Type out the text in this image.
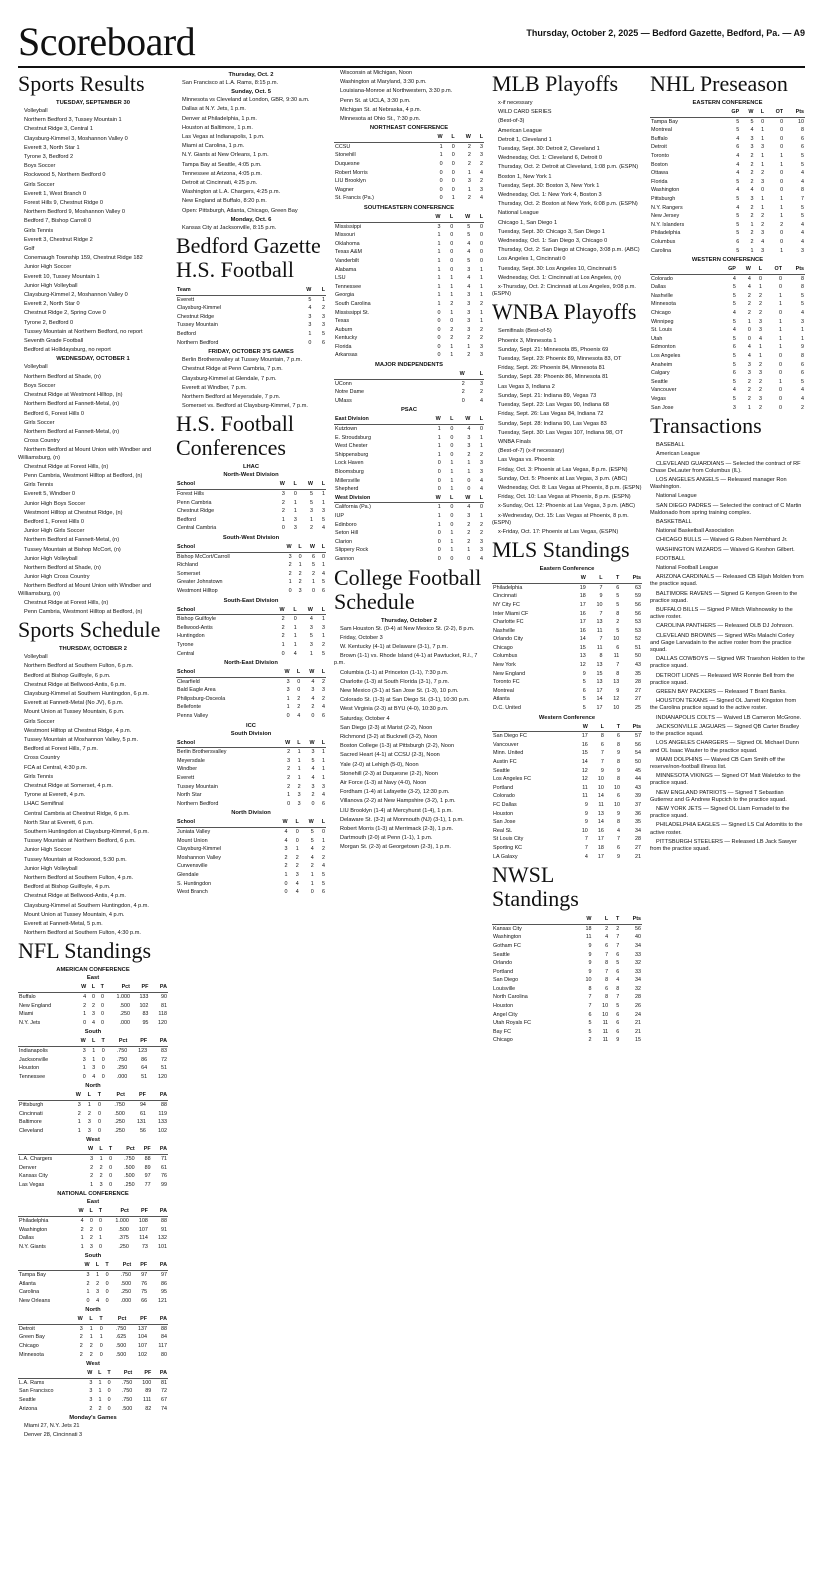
Scoreboard	Thursday, October 2, 2025 — Bedford Gazette, Bedford, Pa. — A9
Sports Results
TUESDAY, SEPTEMBER 30

Volleyball

Northern Bedford 3, Tussey Mountain 1

Chestnut Ridge 3, Central 1

Claysburg-Kimmel 3, Moshannon Valley 0

Everett 3, North Star 1

Tyrone 3, Bedford 2

Boys Soccer

Rockwood 5, Northern Bedford 0

Girls Soccer

Everett 1, West Branch 0

Forest Hills 9, Chestnut Ridge 0

Northern Bedford 9, Moshannon Valley 0

Bedford 7, Bishop Carroll 0

Girls Tennis

Everett 3, Chestnut Ridge 2

Golf

Conemaugh Township 159, Chestnut Ridge 182

Junior High Soccer

Everett 10, Tussey Mountain 1

Junior High Volleyball

Claysburg-Kimmel 2, Moshannon Valley 0

Everett 2, North Star 0

Chestnut Ridge 2, Spring Cove 0

Tyrone 2, Bedford 0

Tussey Mountain at Northern Bedford, no report

Seventh Grade Football

Bedford at Hollidaysburg, no report

WEDNESDAY, OCTOBER 1

Volleyball

Northern Bedford at Shade, (n)

Boys Soccer

Chestnut Ridge at Westmont Hilltop, (n)

Northern Bedford at Fannett-Metal, (n)

Bedford 6, Forest Hills 0

Girls Soccer

Northern Bedford at Fannett-Metal, (n)

Cross Country

Northern Bedford at Mount Union with Windber and Williamsburg, (n)

Chestnut Ridge at Forest Hills, (n)

Penn Cambria, Westmont Hilltop at Bedford, (n)

Girls Tennis

Everett 5, Windber 0

Junior High Boys Soccer

Westmont Hilltop at Chestnut Ridge, (n)

Bedford 1, Forest Hills 0

Junior High Girls Soccer

Northern Bedford at Fannett-Metal, (n)

Tussey Mountain at Bishop McCort, (n)

Junior High Volleyball

Northern Bedford at Shade, (n)

Junior High Cross Country

Northern Bedford at Mount Union with Windber and Williamsburg, (n)

Chestnut Ridge at Forest Hills, (n)

Penn Cambria, Westmont Hilltop at Bedford, (n)

Sports Schedule
THURSDAY, OCTOBER 2

Volleyball

Northern Bedford at Southern Fulton, 6 p.m.

Bedford at Bishop Guilfoyle, 6 p.m.

Chestnut Ridge at Bellwood-Antis, 6 p.m.

Claysburg-Kimmel at Southern Huntingdon, 6 p.m.

Everett at Fannett-Metal (No JV), 6 p.m.

Mount Union at Tussey Mountain, 6 p.m.

Girls Soccer

Westmont Hilltop at Chestnut Ridge, 4 p.m.

Tussey Mountain at Moshannon Valley, 5 p.m.

Bedford at Forest Hills, 7 p.m.

Cross Country

FCA at Central, 4:30 p.m.

Girls Tennis

Chestnut Ridge at Somerset, 4 p.m.

Tyrone at Everett, 4 p.m.

LHAC Semifinal

Central Cambria at Chestnut Ridge, 6 p.m.

North Star at Everett, 6 p.m.

Southern Huntingdon at Claysburg-Kimmel, 6 p.m.

Tussey Mountain at Northern Bedford, 6 p.m.

Junior High Soccer

Tussey Mountain at Rockwood, 5:30 p.m.

Junior High Volleyball

Northern Bedford at Southern Fulton, 4 p.m.

Bedford at Bishop Guilfoyle, 4 p.m.

Chestnut Ridge at Bellwood-Antis, 4 p.m.

Claysburg-Kimmel at Southern Huntingdon, 4 p.m.

Mount Union at Tussey Mountain, 4 p.m.

Everett at Fannett-Metal, 5 p.m.

Northern Bedford at Southern Fulton, 4:30 p.m.

NFL Standings
AMERICAN CONFERENCE
East
	W	L	T	Pct	PF	PA
Buffalo	4	0	0	1.000	133	90
New England	2	2	0	.500	102	81
Miami	1	3	0	.250	83	118
N.Y. Jets	0	4	0	.000	95	120
South
	W	L	T	Pct	PF	PA
Indianapolis	3	1	0	.750	123	83
Jacksonville	3	1	0	.750	86	72
Houston	1	3	0	.250	64	51
Tennessee	0	4	0	.000	51	120
North
	W	L	T	Pct	PF	PA
Pittsburgh	3	1	0	.750	94	88
Cincinnati	2	2	0	.500	61	119
Baltimore	1	3	0	.250	131	133
Cleveland	1	3	0	.250	56	102
West
	W	L	T	Pct	PF	PA
L.A. Chargers	3	1	0	.750	88	71
Denver	2	2	0	.500	89	61
Kansas City	2	2	0	.500	97	76
Las Vegas	1	3	0	.250	77	99
NATIONAL CONFERENCE
East
	W	L	T	Pct	PF	PA
Philadelphia	4	0	0	1.000	108	88
Washington	2	2	0	.500	107	91
Dallas	1	2	1	.375	114	132
N.Y. Giants	1	3	0	.250	73	101
South
	W	L	T	Pct	PF	PA
Tampa Bay	3	1	0	.750	97	97
Atlanta	2	2	0	.500	76	86
Carolina	1	3	0	.250	75	95
New Orleans	0	4	0	.000	66	121
North
	W	L	T	Pct	PF	PA
Detroit	3	1	0	.750	137	88
Green Bay	2	1	1	.625	104	84
Chicago	2	2	0	.500	107	117
Minnesota	2	2	0	.500	102	80
West
	W	L	T	Pct	PF	PA
L.A. Rams	3	1	0	.750	100	81
San Francisco	3	1	0	.750	89	72
Seattle	3	1	0	.750	111	67
Arizona	2	2	0	.500	82	74
Monday's Games

Miami 27, N.Y. Jets 21

Denver 28, Cincinnati 3

Thursday, Oct. 2

San Francisco at L.A. Rams, 8:15 p.m.

Sunday, Oct. 5

Minnesota vs Cleveland at London, GBR, 9:30 a.m.

Dallas at N.Y. Jets, 1 p.m.

Denver at Philadelphia, 1 p.m.

Houston at Baltimore, 1 p.m.

Las Vegas at Indianapolis, 1 p.m.

Miami at Carolina, 1 p.m.

N.Y. Giants at New Orleans, 1 p.m.

Tampa Bay at Seattle, 4:05 p.m.

Tennessee at Arizona, 4:05 p.m.

Detroit at Cincinnati, 4:25 p.m.

Washington at L.A. Chargers, 4:25 p.m.

New England at Buffalo, 8:20 p.m.

Open: Pittsburgh, Atlanta, Chicago, Green Bay

Monday, Oct. 6

Kansas City at Jacksonville, 8:15 p.m.

Bedford Gazette H.S. Football
Team	W	L
Everett	5	1
Claysburg-Kimmel	4	2
Chestnut Ridge	3	3
Tussey Mountain	3	3
Bedford	1	5
Northern Bedford	0	6
FRIDAY, OCTOBER 3'S GAMES

Berlin Brothersvalley at Tussey Mountain, 7 p.m.

Chestnut Ridge at Penn Cambria, 7 p.m.

Claysburg-Kimmel at Glendale, 7 p.m.

Everett at Windber, 7 p.m.

Northern Bedford at Meyersdale, 7 p.m.

Somerset vs. Bedford at Claysburg-Kimmel, 7 p.m.

H.S. Football Conferences
LHAC
North-West Division
School	W	L	W	L
Forest Hills	3	0	5	1
Penn Cambria	2	1	5	1
Chestnut Ridge	2	1	3	3
Bedford	1	3	1	5
Central Cambria	0	3	2	4
South-West Division
School	W	L	W	L
Bishop McCort/Carroll	3	0	6	0
Richland	2	1	5	1
Somerset	2	2	2	4
Greater Johnstown	1	2	1	5
Westmont Hilltop	0	3	0	6
South-East Division
School	W	L	W	L
Bishop Guilfoyle	2	0	4	1
Bellwood-Antis	2	1	3	3
Huntingdon	2	1	5	1
Tyrone	1	1	3	2
Central	0	4	1	5
North-East Division
School	W	L	W	L
Clearfield	3	0	4	2
Bald Eagle Area	3	0	3	3
Philipsburg-Osceola	1	2	4	2
Bellefonte	1	2	2	4
Penns Valley	0	4	0	6
ICC
South Division
School	W	L	W	L
Berlin Brothersvalley	2	1	3	1
Meyersdale	3	1	5	1
Windber	2	1	4	1
Everett	2	1	4	1
Tussey Mountain	2	2	3	3
North Star	1	3	2	4
Northern Bedford	0	3	0	6
North Division
School	W	L	W	L
Juniata Valley	4	0	5	0
Mount Union	4	0	5	1
Claysburg-Kimmel	3	1	4	2
Moshannon Valley	2	2	4	2
Curwensville	2	2	2	4
Glendale	1	3	1	5
S. Huntingdon	0	4	1	5
West Branch	0	4	0	6

Wisconsin at Michigan, Noon

Washington at Maryland, 3:30 p.m.

Louisiana-Monroe at Northwestern, 3:30 p.m.

Penn St. at UCLA, 3:30 p.m.

Michigan St. at Nebraska, 4 p.m.

Minnesota at Ohio St., 7:30 p.m.

NORTHEAST CONFERENCE
	W	L	W	L
CCSU	1	0	2	3
Stonehill	1	0	2	3
Duquesne	0	0	2	2
Robert Morris	0	0	1	4
LIU Brooklyn	0	0	3	2
Wagner	0	0	1	3
St. Francis (Pa.)	0	1	2	4
SOUTHEASTERN CONFERENCE
	W	L	W	L
Mississippi	3	0	5	0
Missouri	1	0	5	0
Oklahoma	1	0	4	0
Texas A&M	1	0	4	0
Vanderbilt	1	0	5	0
Alabama	1	0	3	1
LSU	1	1	4	1
Tennessee	1	1	4	1
Georgia	1	1	3	1
South Carolina	1	2	3	2
Mississippi St.	0	1	3	1
Texas	0	0	3	1
Auburn	0	2	3	2
Kentucky	0	2	2	2
Florida	0	1	1	3
Arkansas	0	1	2	3
MAJOR INDEPENDENTS
	W	L
UConn	2	3
Notre Dame	2	2
UMass	0	4
PSAC
East Division	W	L	W	L
Kutztown	1	0	4	0
E. Stroudsburg	1	0	3	1
West Chester	1	0	3	1
Shippensburg	1	0	2	2
Lock Haven	0	1	1	3
Bloomsburg	0	1	1	3
Millersville	0	1	0	4
Shepherd	0	1	0	4
West Division	W	L	W	L
California (Pa.)	1	0	4	0
IUP	1	0	3	1
Edinboro	1	0	2	2
Seton Hill	0	1	2	2
Clarion	0	1	2	3
Slippery Rock	0	1	1	3
Gannon	0	0	0	4
College Football Schedule
Thursday, October 2

Sam Houston St. (0-4) at New Mexico St. (2-2), 8 p.m.

Friday, October 3

W. Kentucky (4-1) at Delaware (3-1), 7 p.m.

Brown (1-1) vs. Rhode Island (4-1) at Pawtucket, R.I., 7 p.m.

Columbia (1-1) at Princeton (1-1), 7:30 p.m.

Charlotte (1-3) at South Florida (3-1), 7 p.m.

New Mexico (3-1) at San Jose St. (1-3), 10 p.m.

Colorado St. (1-3) at San Diego St. (3-1), 10:30 p.m.

West Virginia (2-3) at BYU (4-0), 10:30 p.m.

Saturday, October 4

San Diego (2-3) at Marist (2-2), Noon

Richmond (3-2) at Bucknell (3-2), Noon

Boston College (1-3) at Pittsburgh (2-2), Noon

Sacred Heart (4-1) at CCSU (2-3), Noon

Yale (2-0) at Lehigh (5-0), Noon

Stonehill (2-3) at Duquesne (2-2), Noon

Air Force (1-3) at Navy (4-0), Noon

Fordham (1-4) at Lafayette (3-2), 12:30 p.m.

Villanova (2-2) at New Hampshire (3-2), 1 p.m.

LIU Brooklyn (1-4) at Mercyhurst (1-4), 1 p.m.

Delaware St. (3-2) at Monmouth (NJ) (3-1), 1 p.m.

Robert Morris (1-3) at Merrimack (2-3), 1 p.m.

Dartmouth (2-0) at Penn (1-1), 1 p.m.

Morgan St. (2-3) at Georgetown (2-3), 1 p.m.

MLB Playoffs

x-if necessary

WILD CARD SERIES

(Best-of-3)

American League

Detroit 1, Cleveland 1

Tuesday, Sept. 30: Detroit 2, Cleveland 1

Wednesday, Oct. 1: Cleveland 6, Detroit 0

Thursday, Oct. 2: Detroit at Cleveland, 1:08 p.m. (ESPN)

Boston 1, New York 1

Tuesday, Sept. 30: Boston 3, New York 1

Wednesday, Oct. 1: New York 4, Boston 3

Thursday, Oct. 2: Boston at New York, 6:08 p.m. (ESPN)

National League

Chicago 1, San Diego 1

Tuesday, Sept. 30: Chicago 3, San Diego 1

Wednesday, Oct. 1: San Diego 3, Chicago 0

Thursday, Oct. 2: San Diego at Chicago, 3:08 p.m. (ABC)

Los Angeles 1, Cincinnati 0

Tuesday, Sept. 30: Los Angeles 10, Cincinnati 5

Wednesday, Oct. 1: Cincinnati at Los Angeles, (n)

x-Thursday, Oct. 2: Cincinnati at Los Angeles, 9:08 p.m. (ESPN)

WNBA Playoffs

Semifinals (Best-of-5)

Phoenix 3, Minnesota 1

Sunday, Sept. 21: Minnesota 85, Phoenix 69

Tuesday, Sept. 23: Phoenix 89, Minnesota 83, OT

Friday, Sept. 26: Phoenix 84, Minnesota 81

Sunday, Sept. 28: Phoenix 86, Minnesota 81

Las Vegas 3, Indiana 2

Sunday, Sept. 21: Indiana 89, Vegas 73

Tuesday, Sept. 23: Las Vegas 90, Indiana 68

Friday, Sept. 26: Las Vegas 84, Indiana 72

Sunday, Sept. 28: Indiana 90, Las Vegas 83

Tuesday, Sept. 30: Las Vegas 107, Indiana 98, OT

WNBA Finals

(Best-of-7) (x-if necessary)

Las Vegas vs. Phoenix

Friday, Oct. 3: Phoenix at Las Vegas, 8 p.m. (ESPN)

Sunday, Oct. 5: Phoenix at Las Vegas, 3 p.m. (ABC)

Wednesday, Oct. 8: Las Vegas at Phoenix, 8 p.m. (ESPN)

Friday, Oct. 10: Las Vegas at Phoenix, 8 p.m. (ESPN)

x-Sunday, Oct. 12: Phoenix at Las Vegas, 3 p.m. (ABC)

x-Wednesday, Oct. 15: Las Vegas at Phoenix, 8 p.m. (ESPN)

x-Friday, Oct. 17: Phoenix at Las Vegas, (ESPN)

MLS Standings
Eastern Conference
	W	L	T	Pts
Philadelphia	19	7	6	63
Cincinnati	18	9	5	59
NY City FC	17	10	5	56
Inter Miami CF	16	7	8	56
Charlotte FC	17	13	2	53
Nashville	16	11	5	53
Orlando City	14	7	10	52
Chicago	15	11	6	51
Columbus	13	8	11	50
New York	12	13	7	43
New England	9	15	8	35
Toronto FC	5	13	13	28
Montreal	6	17	9	27
Atlanta	5	14	12	27
D.C. United	5	17	10	25
Western Conference
	W	L	T	Pts
San Diego FC	17	8	6	57
Vancouver	16	6	8	56
Minn. United	15	7	9	54
Austin FC	14	7	8	50
Seattle	12	9	9	45
Los Angeles FC	12	10	8	44
Portland	11	10	10	43
Colorado	11	14	6	39
FC Dallas	9	11	10	37
Houston	9	13	9	36
San Jose	9	14	8	35
Real SL	10	16	4	34
St Louis City	7	17	7	28
Sporting KC	7	18	6	27
LA Galaxy	4	17	9	21
NWSL Standings
	W	L	T	Pts
Kansas City	18	2	2	56
Washington	11	4	7	40
Gotham FC	9	6	7	34
Seattle	9	7	6	33
Orlando	9	8	5	32
Portland	9	7	6	33
San Diego	10	8	4	34
Louisville	8	6	8	32
North Carolina	7	8	7	28
Houston	7	10	5	26
Angel City	6	10	6	24
Utah Royals FC	5	11	6	21
Bay FC	5	11	6	21
Chicago	2	11	9	15
NHL Preseason
EASTERN CONFERENCE
	GP	W	L	OT	Pts
Tampa Bay	5	5	0	0	10
Montreal	5	4	1	0	8
Buffalo	4	3	1	0	6
Detroit	6	3	3	0	6
Toronto	4	2	1	1	5
Boston	4	2	1	1	5
Ottawa	4	2	2	0	4
Florida	5	2	3	0	4
Washington	4	4	0	0	8
Pittsburgh	5	3	1	1	7
N.Y. Rangers	4	2	1	1	5
New Jersey	5	2	2	1	5
N.Y. Islanders	5	1	2	2	4
Philadelphia	5	2	3	0	4
Columbus	6	2	4	0	4
Carolina	5	1	3	1	3
WESTERN CONFERENCE
	GP	W	L	OT	Pts
Colorado	4	4	0	0	8
Dallas	5	4	1	0	8
Nashville	5	2	2	1	5
Minnesota	5	2	2	1	5
Chicago	4	2	2	0	4
Winnipeg	5	1	3	1	3
St. Louis	4	0	3	1	1
Utah	5	0	4	1	1
Edmonton	6	4	1	1	9
Los Angeles	5	4	1	0	8
Anaheim	5	3	2	0	6
Calgary	6	3	3	0	6
Seattle	5	2	2	1	5
Vancouver	4	2	2	0	4
Vegas	5	2	3	0	4
San Jose	3	1	2	0	2
Transactions

BASEBALL

American League

CLEVELAND GUARDIANS — Selected the contract of RF Chase DeLauter from Columbus (IL).

LOS ANGELES ANGELS — Released manager Ron Washington.

National League

SAN DIEGO PADRES — Selected the contract of C Martin Maldonado from spring training complex.

BASKETBALL

National Basketball Association

CHICAGO BULLS — Waived G Ruben Nembhard Jr.

WASHINGTON WIZARDS — Waived G Keshon Gilbert.

FOOTBALL

National Football League

ARIZONA CARDINALS — Released CB Elijah Molden from the practice squad.

BALTIMORE RAVENS — Signed G Kenyon Green to the practice squad.

BUFFALO BILLS — Signed P Mitch Wishnowsky to the active roster.

CAROLINA PANTHERS — Released OLB DJ Johnson.

CLEVELAND BROWNS — Signed WRs Malachi Corley and Gage Larvadain to the active roster from the practice squad.

DALLAS COWBOYS — Signed WR Traeshon Holden to the practice squad.

DETROIT LIONS — Released WR Ronnie Bell from the practice squad.

GREEN BAY PACKERS — Released T Brant Banks.

HOUSTON TEXANS — Signed OL Jarrett Kingston from the Carolina practice squad to the active roster.

INDIANAPOLIS COLTS — Waived LB Cameron McGrone.

JACKSONVILLE JAGUARS — Signed QB Carter Bradley to the practice squad.

LOS ANGELES CHARGERS — Signed OL Michael Dunn and OL Isaac Wauter to the practice squad.

MIAMI DOLPHINS — Waived CB Cam Smith off the reserve/non-football illness list.

MINNESOTA VIKINGS — Signed OT Matt Waletzko to the practice squad.

NEW ENGLAND PATRIOTS — Signed T Sebastian Gutierrez and G Andrew Rupcich to the practice squad.

NEW YORK JETS — Signed OL Liam Fornadel to the practice squad.

PHILADELPHIA EAGLES — Signed LS Cal Adomitis to the active roster.

PITTSBURGH STEELERS — Released LB Jack Sawyer from the practice squad.
